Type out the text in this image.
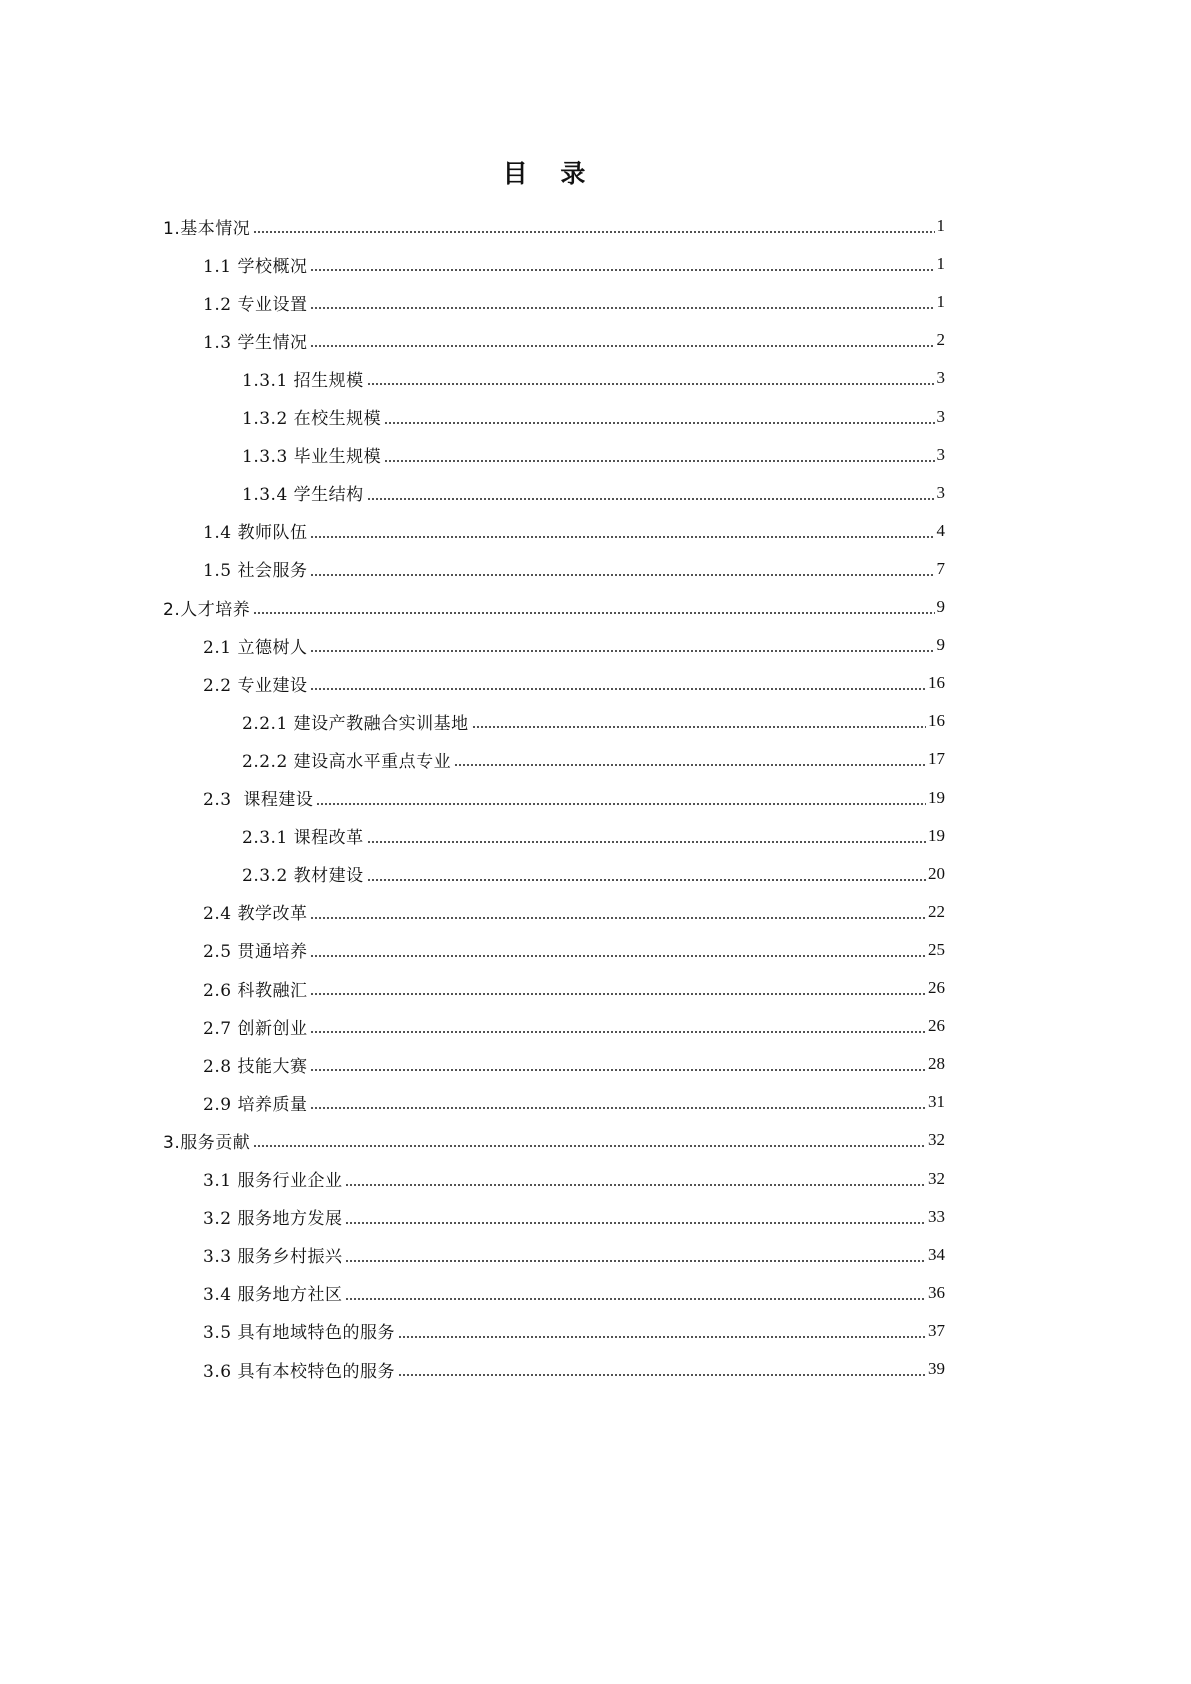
目 录
1.基本情况	1
1.1 学校概况	1
1.2 专业设置	1
1.3 学生情况	2
1.3.1 招生规模	3
1.3.2 在校生规模	3
1.3.3 毕业生规模	3
1.3.4 学生结构	3
1.4 教师队伍	4
1.5 社会服务	7
2.人才培养	9
2.1 立德树人	9
2.2 专业建设	16
2.2.1 建设产教融合实训基地	16
2.2.2 建设高水平重点专业	17
2.3  课程建设	19
2.3.1 课程改革	19
2.3.2 教材建设	20
2.4 教学改革	22
2.5 贯通培养	25
2.6 科教融汇	26
2.7 创新创业	26
2.8 技能大赛	28
2.9 培养质量	31
3.服务贡献	32
3.1 服务行业企业	32
3.2 服务地方发展	33
3.3 服务乡村振兴	34
3.4 服务地方社区	36
3.5 具有地域特色的服务	37
3.6 具有本校特色的服务	39
